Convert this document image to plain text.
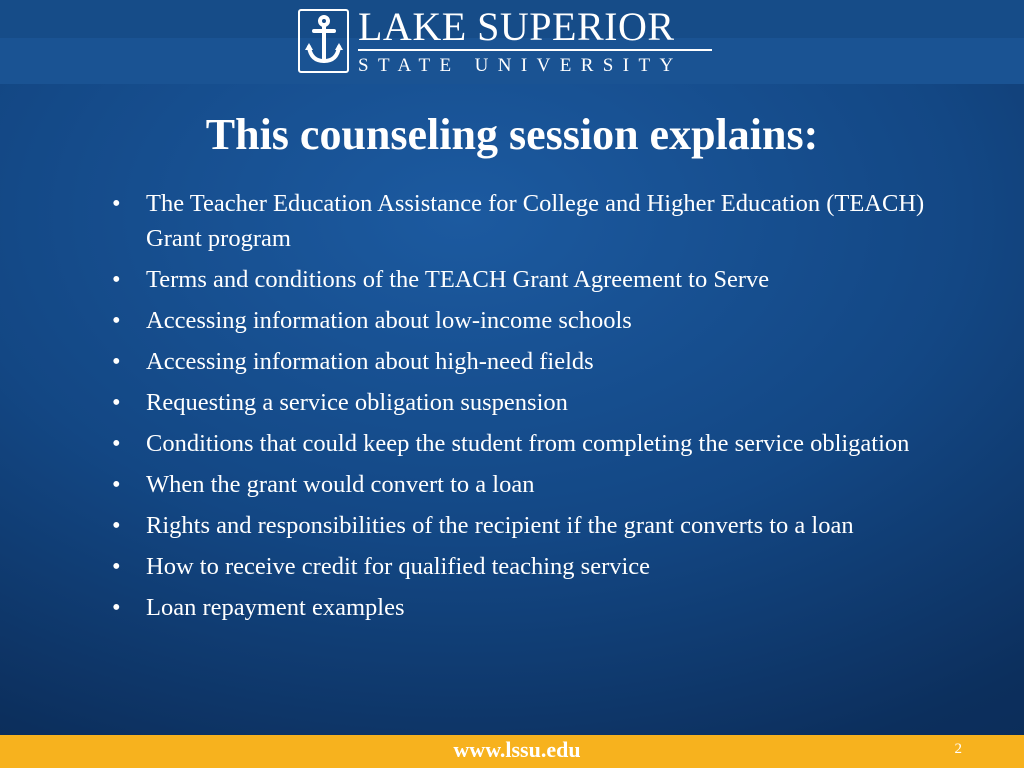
LAKE SUPERIOR
STATE UNIVERSITY
This counseling session explains:
•	The Teacher Education Assistance for College and Higher Education (TEACH) Grant program
•	Terms and conditions of the TEACH Grant Agreement to Serve
•	Accessing information about low-income schools
•	Accessing information about high-need fields
•	Requesting a service obligation suspension
•	Conditions that could keep the student from completing the service obligation
•	When the grant would convert to a loan
•	Rights and responsibilities of the recipient if the grant converts to a loan
•	How to receive credit for qualified teaching service
•	Loan repayment examples
www.lssu.edu	2
